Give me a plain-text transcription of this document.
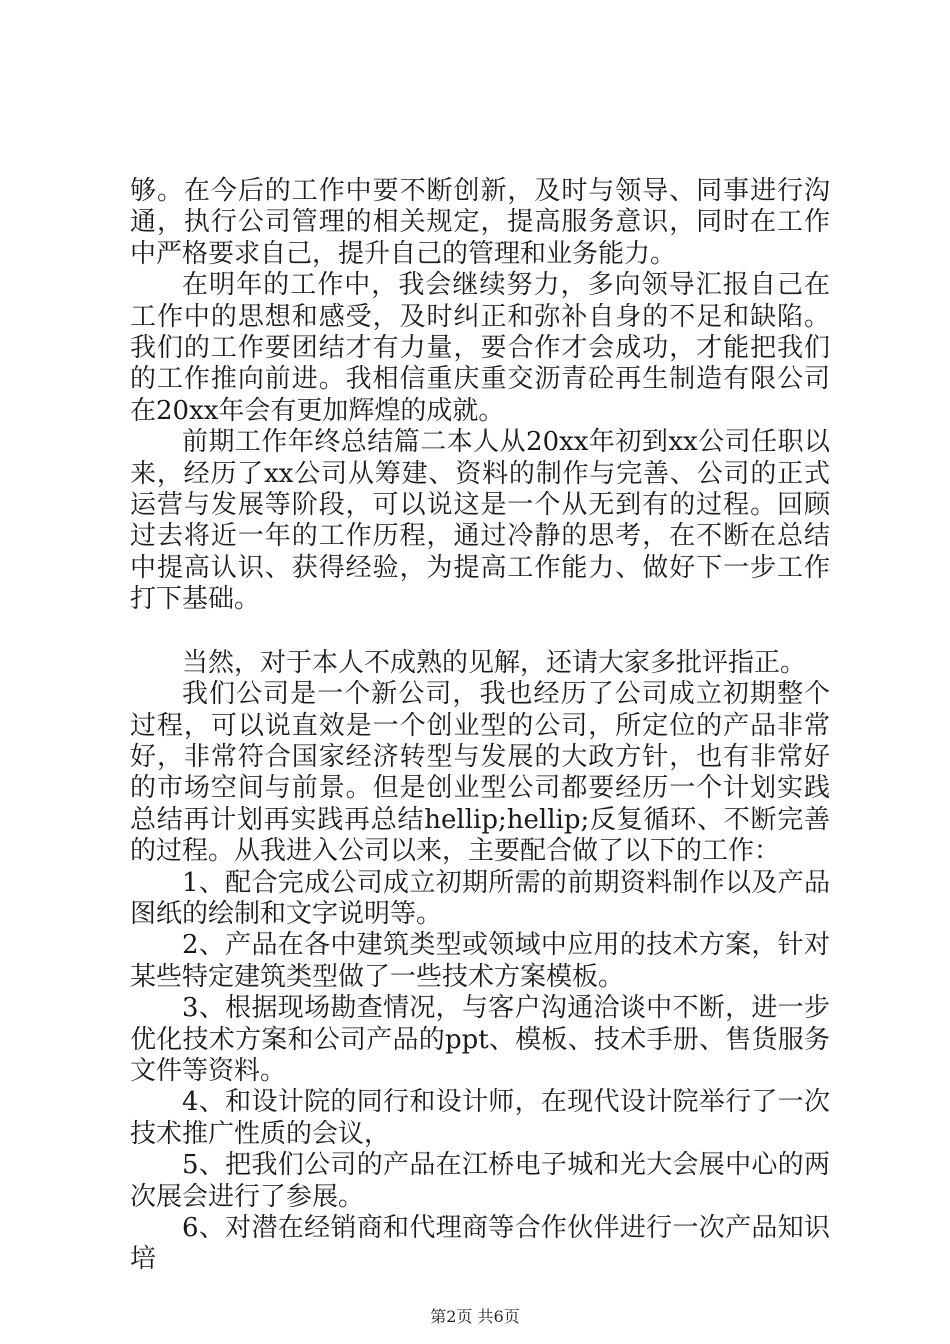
够。在今后的工作中要不断创新，及时与领导、同事进行沟通，执行公司管理的相关规定，提高服务意识，同时在工作中严格要求自己，提升自己的管理和业务能力。

在明年的工作中，我会继续努力，多向领导汇报自己在工作中的思想和感受，及时纠正和弥补自身的不足和缺陷。我们的工作要团结才有力量，要合作才会成功，才能把我们的工作推向前进。我相信重庆重交沥青砼再生制造有限公司在20xx年会有更加辉煌的成就。

前期工作年终总结篇二本人从20xx年初到xx公司任职以来，经历了xx公司从筹建、资料的制作与完善、公司的正式运营与发展等阶段，可以说这是一个从无到有的过程。回顾过去将近一年的工作历程，通过冷静的思考，在不断在总结中提高认识、获得经验，为提高工作能力、做好下一步工作打下基础。

当然，对于本人不成熟的见解，还请大家多批评指正。

我们公司是一个新公司，我也经历了公司成立初期整个过程，可以说直效是一个创业型的公司，所定位的产品非常好，非常符合国家经济转型与发展的大政方针，也有非常好的市场空间与前景。但是创业型公司都要经历一个计划实践总结再计划再实践再总结hellip;hellip;反复循环、不断完善的过程。从我进入公司以来，主要配合做了以下的工作：

1、配合完成公司成立初期所需的前期资料制作以及产品图纸的绘制和文字说明等。

2、产品在各中建筑类型或领域中应用的技术方案，针对某些特定建筑类型做了一些技术方案模板。

3、根据现场勘查情况，与客户沟通洽谈中不断，进一步优化技术方案和公司产品的ppt、模板、技术手册、售货服务文件等资料。

4、和设计院的同行和设计师，在现代设计院举行了一次技术推广性质的会议，

5、把我们公司的产品在江桥电子城和光大会展中心的两次展会进行了参展。

6、对潜在经销商和代理商等合作伙伴进行一次产品知识培

第2页 共6页
